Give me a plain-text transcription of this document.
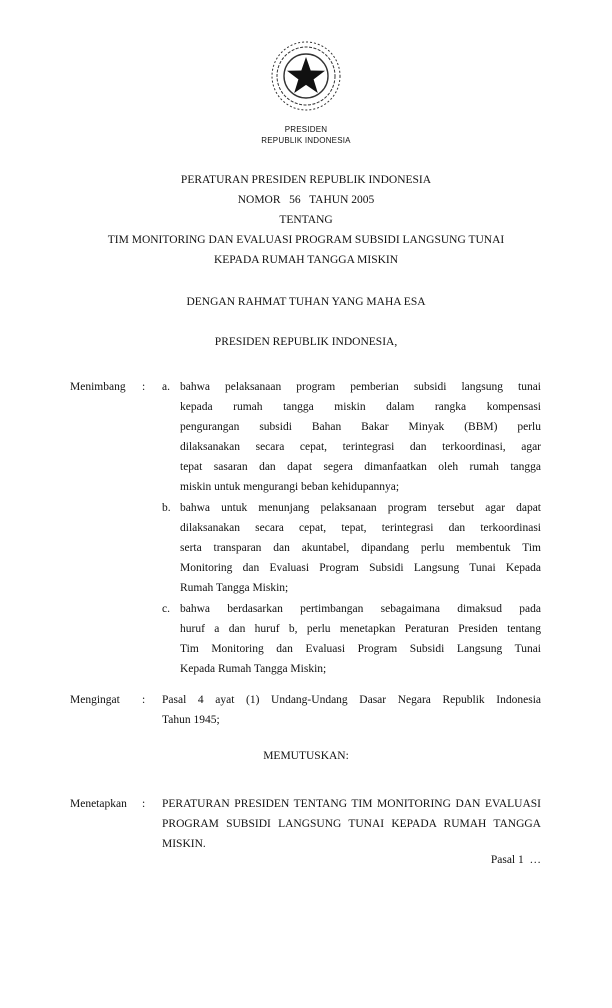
PRESIDEN
REPUBLIK INDONESIA
PERATURAN PRESIDEN REPUBLIK INDONESIA
NOMOR   56   TAHUN 2005
TENTANG
TIM MONITORING DAN EVALUASI PROGRAM SUBSIDI LANGSUNG TUNAI
KEPADA RUMAH TANGGA MISKIN
DENGAN RAHMAT TUHAN YANG MAHA ESA
PRESIDEN REPUBLIK INDONESIA,
Menimbang : a. bahwa pelaksanaan program pemberian subsidi langsung tunai
kepada rumah tangga miskin dalam rangka kompensasi
pengurangan subsidi Bahan Bakar Minyak (BBM) perlu
dilaksanakan secara cepat, terintegrasi dan terkoordinasi, agar
tepat sasaran dan dapat segera dimanfaatkan oleh rumah tangga
miskin untuk mengurangi beban kehidupannya;
b. bahwa untuk menunjang pelaksanaan program tersebut agar dapat
dilaksanakan secara cepat, tepat, terintegrasi dan terkoordinasi
serta transparan dan akuntabel, dipandang perlu membentuk Tim
Monitoring dan Evaluasi Program Subsidi Langsung Tunai Kepada
Rumah Tangga Miskin;
c. bahwa berdasarkan pertimbangan sebagaimana dimaksud pada
huruf a dan huruf b, perlu menetapkan Peraturan Presiden tentang
Tim Monitoring dan Evaluasi Program Subsidi Langsung Tunai
Kepada Rumah Tangga Miskin;
Mengingat : Pasal 4 ayat (1) Undang-Undang Dasar Negara Republik Indonesia
Tahun 1945;
MEMUTUSKAN:
Menetapkan : PERATURAN PRESIDEN TENTANG TIM MONITORING DAN EVALUASI
PROGRAM SUBSIDI LANGSUNG TUNAI KEPADA RUMAH TANGGA
MISKIN.
Pasal 1  …
